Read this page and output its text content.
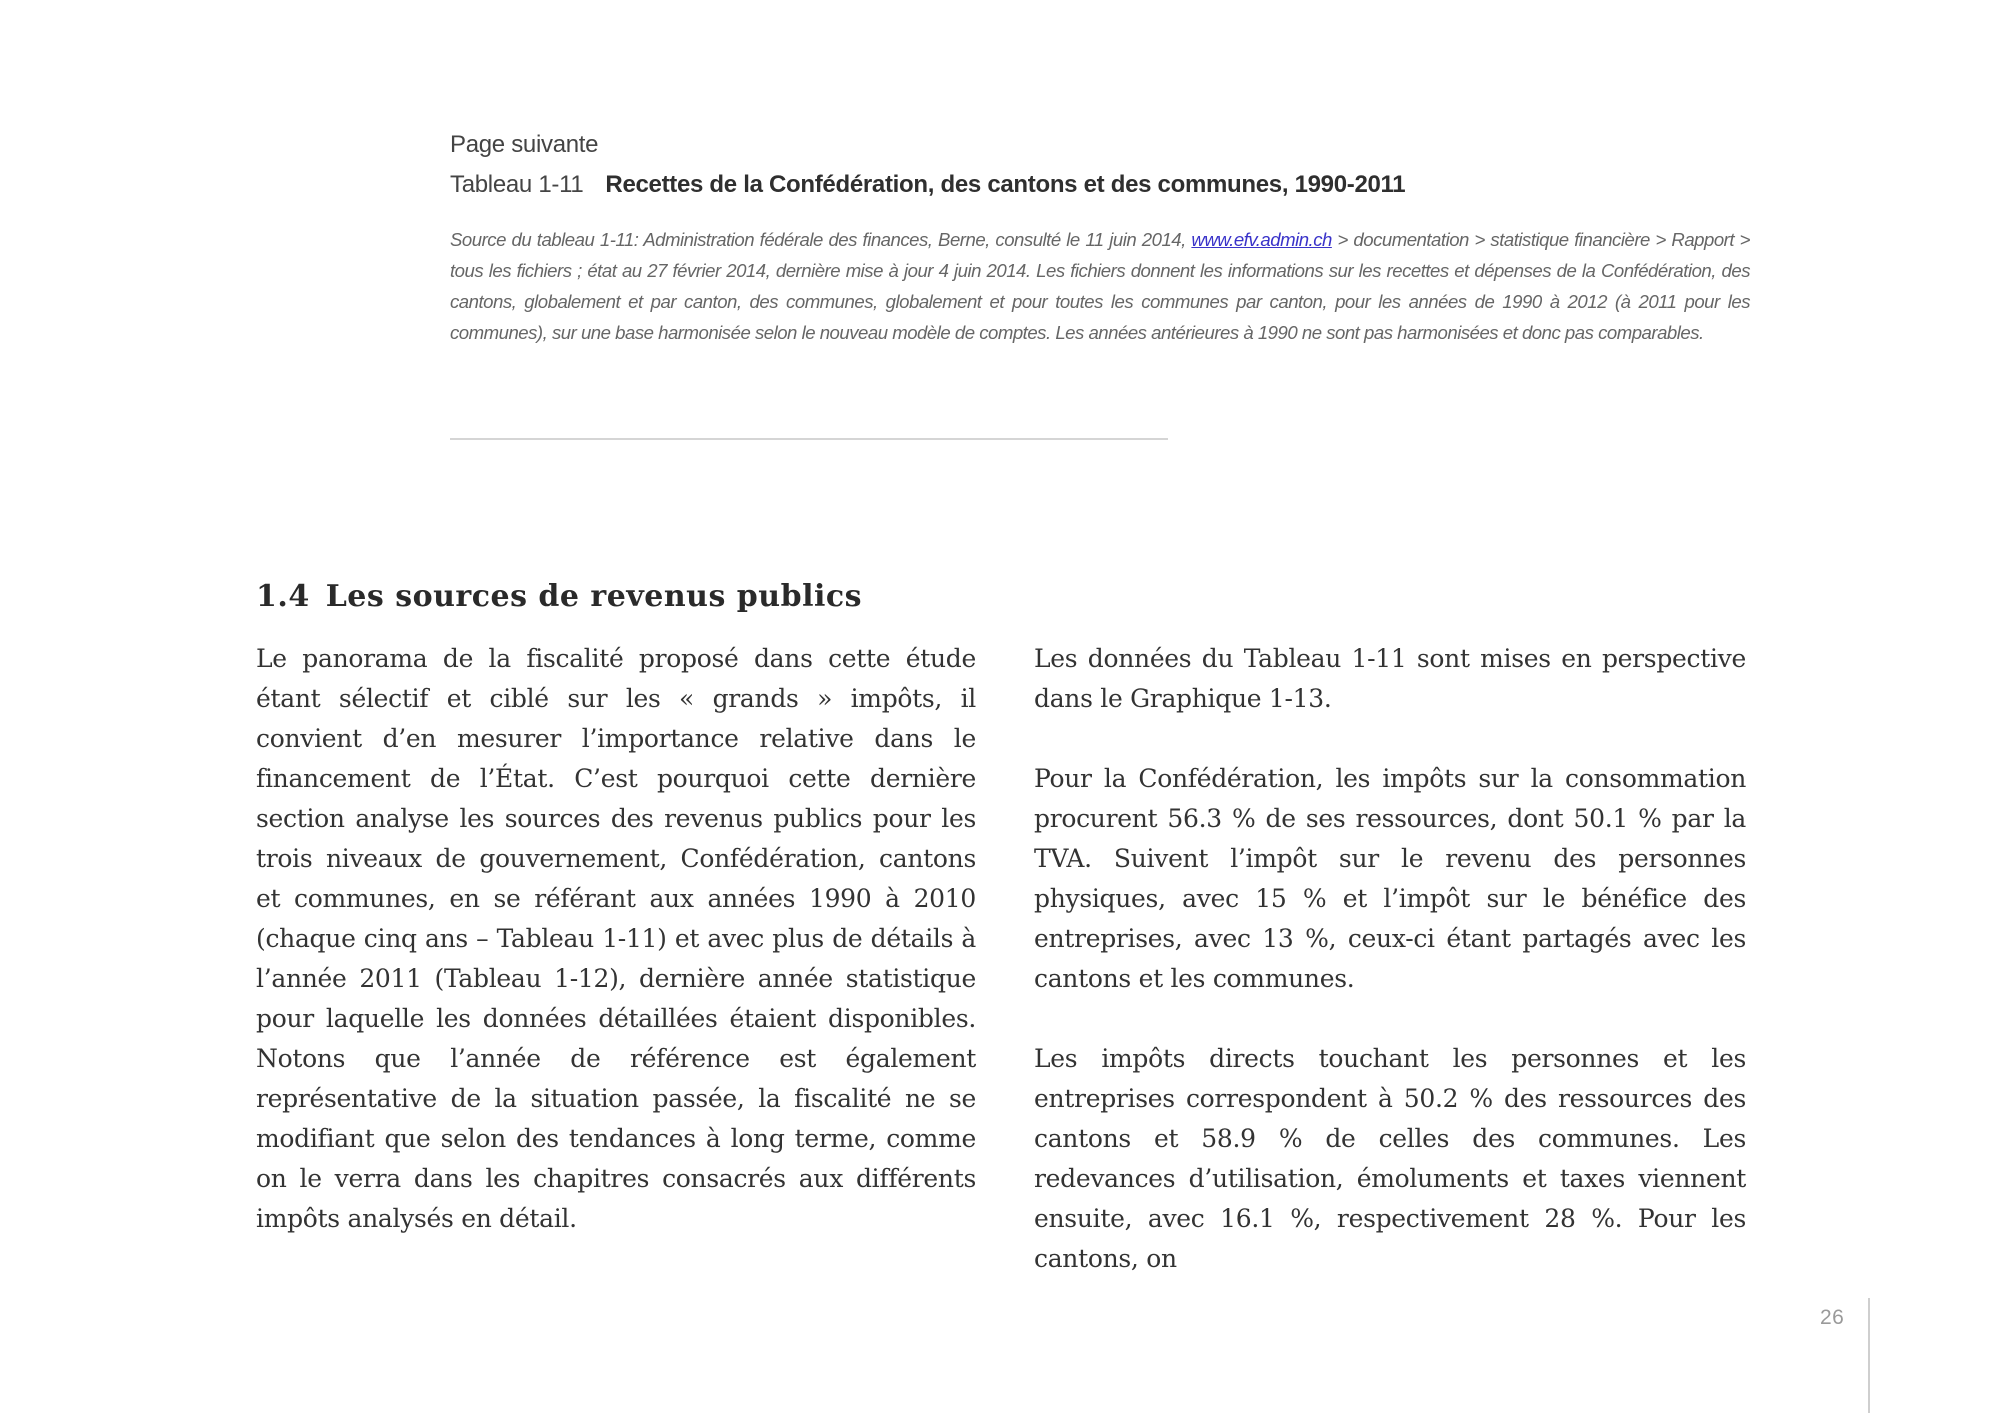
Page suivante
Tableau 1-11 Recettes de la Confédération, des cantons et des communes, 1990-2011
Source du tableau 1-11: Administration fédérale des finances, Berne, consulté le 11 juin 2014, www.efv.admin.ch > documentation > statistique financière > Rapport > tous les fichiers ; état au 27 février 2014, dernière mise à jour 4 juin 2014. Les fichiers donnent les informations sur les recettes et dépenses de la Confédération, des cantons, globalement et par canton, des communes, globalement et pour toutes les communes par canton, pour les années de 1990 à 2012 (à 2011 pour les communes), sur une base harmonisée selon le nouveau modèle de comptes. Les années antérieures à 1990 ne sont pas harmonisées et donc pas comparables.
1.4 Les sources de revenus publics

Le panorama de la fiscalité proposé dans cette étude étant sélectif et ciblé sur les « grands » impôts, il convient d’en mesurer l’importance relative dans le financement de l’État. C’est pourquoi cette dernière section analyse les sources des revenus publics pour les trois niveaux de gouvernement, Confédération, cantons et communes, en se référant aux années 1990 à 2010 (chaque cinq ans – Tableau 1-11) et avec plus de détails à l’année 2011 (Tableau 1-12), dernière année statistique pour laquelle les données détaillées étaient disponibles. Notons que l’année de référence est également représentative de la situation passée, la fiscalité ne se modifiant que selon des tendances à long terme, comme on le verra dans les chapitres consacrés aux différents impôts analysés en détail.

Les données du Tableau 1-11 sont mises en perspective dans le Graphique 1-13.

Pour la Confédération, les impôts sur la consommation procurent 56.3 % de ses ressources, dont 50.1 % par la TVA. Suivent l’impôt sur le revenu des personnes physiques, avec 15 % et l’impôt sur le bénéfice des entreprises, avec 13 %, ceux-ci étant partagés avec les cantons et les communes.

Les impôts directs touchant les personnes et les entreprises correspondent à 50.2 % des ressources des cantons et 58.9 % de celles des communes. Les redevances d’utilisation, émoluments et taxes viennent ensuite, avec 16.1 %, respectivement 28 %. Pour les cantons, on

26
